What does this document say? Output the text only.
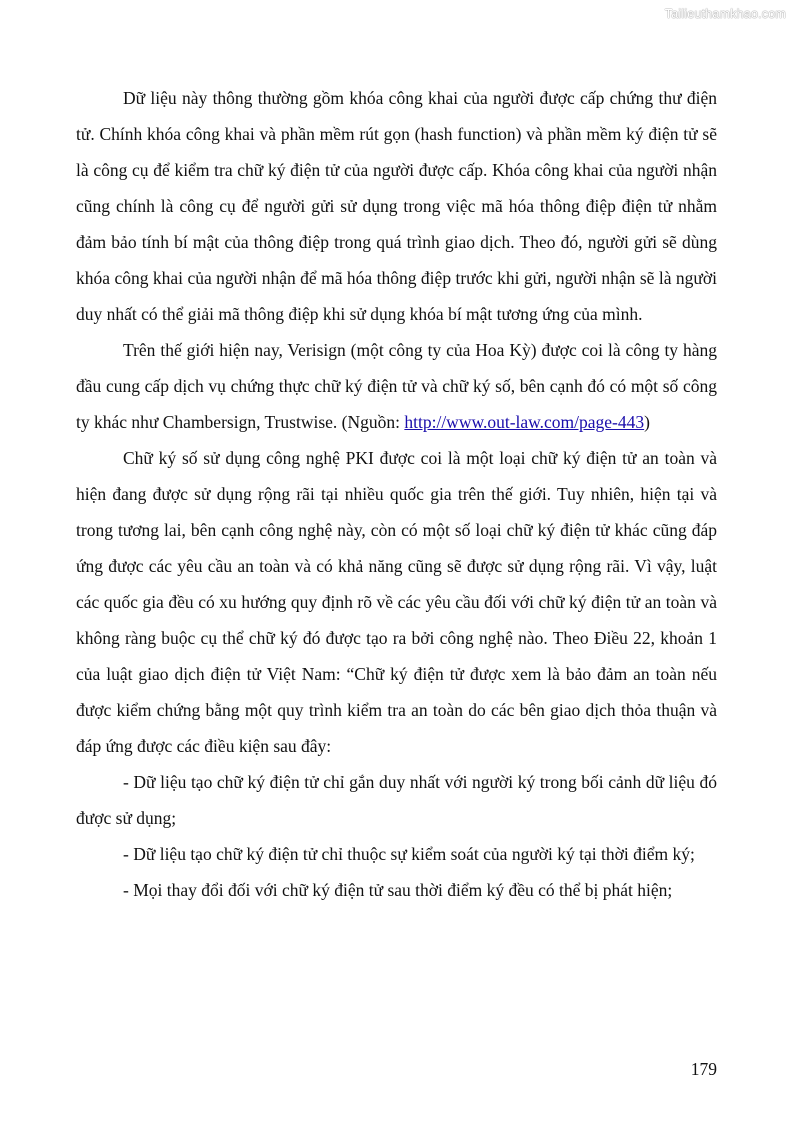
Tailieuthamkhao.com

Dữ liệu này thông thường gồm khóa công khai của người được cấp chứng thư điện tử. Chính khóa công khai và phần mềm rút gọn (hash function) và phần mềm ký điện tử sẽ là công cụ để kiểm tra chữ ký điện tử của người được cấp. Khóa công khai của người nhận cũng chính là công cụ để người gửi sử dụng trong việc mã hóa thông điệp điện tử nhằm đảm bảo tính bí mật của thông điệp trong quá trình giao dịch. Theo đó, người gửi sẽ dùng khóa công khai của người nhận để mã hóa thông điệp trước khi gửi, người nhận sẽ là người duy nhất có thể giải mã thông điệp khi sử dụng khóa bí mật tương ứng của mình.

Trên thế giới hiện nay, Verisign (một công ty của Hoa Kỳ) được coi là công ty hàng đầu cung cấp dịch vụ chứng thực chữ ký điện tử và chữ ký số, bên cạnh đó có một số công ty khác như Chambersign, Trustwise. (Nguồn: http://www.out-law.com/page-443)

Chữ ký số sử dụng công nghệ PKI được coi là một loại chữ ký điện tử an toàn và hiện đang được sử dụng rộng rãi tại nhiều quốc gia trên thế giới. Tuy nhiên, hiện tại và trong tương lai, bên cạnh công nghệ này, còn có một số loại chữ ký điện tử khác cũng đáp ứng được các yêu cầu an toàn và có khả năng cũng sẽ được sử dụng rộng rãi. Vì vậy, luật các quốc gia đều có xu hướng quy định rõ về các yêu cầu đối với chữ ký điện tử an toàn và không ràng buộc cụ thể chữ ký đó được tạo ra bởi công nghệ nào. Theo Điều 22, khoản 1 của luật giao dịch điện tử Việt Nam: “Chữ ký điện tử được xem là bảo đảm an toàn nếu được kiểm chứng bằng một quy trình kiểm tra an toàn do các bên giao dịch thỏa thuận và đáp ứng được các điều kiện sau đây:

- Dữ liệu tạo chữ ký điện tử chỉ gắn duy nhất với người ký trong bối cảnh dữ liệu đó được sử dụng;

- Dữ liệu tạo chữ ký điện tử chỉ thuộc sự kiểm soát của người ký tại thời điểm ký;

- Mọi thay đổi đối với chữ ký điện tử sau thời điểm ký đều có thể bị phát hiện;

179
